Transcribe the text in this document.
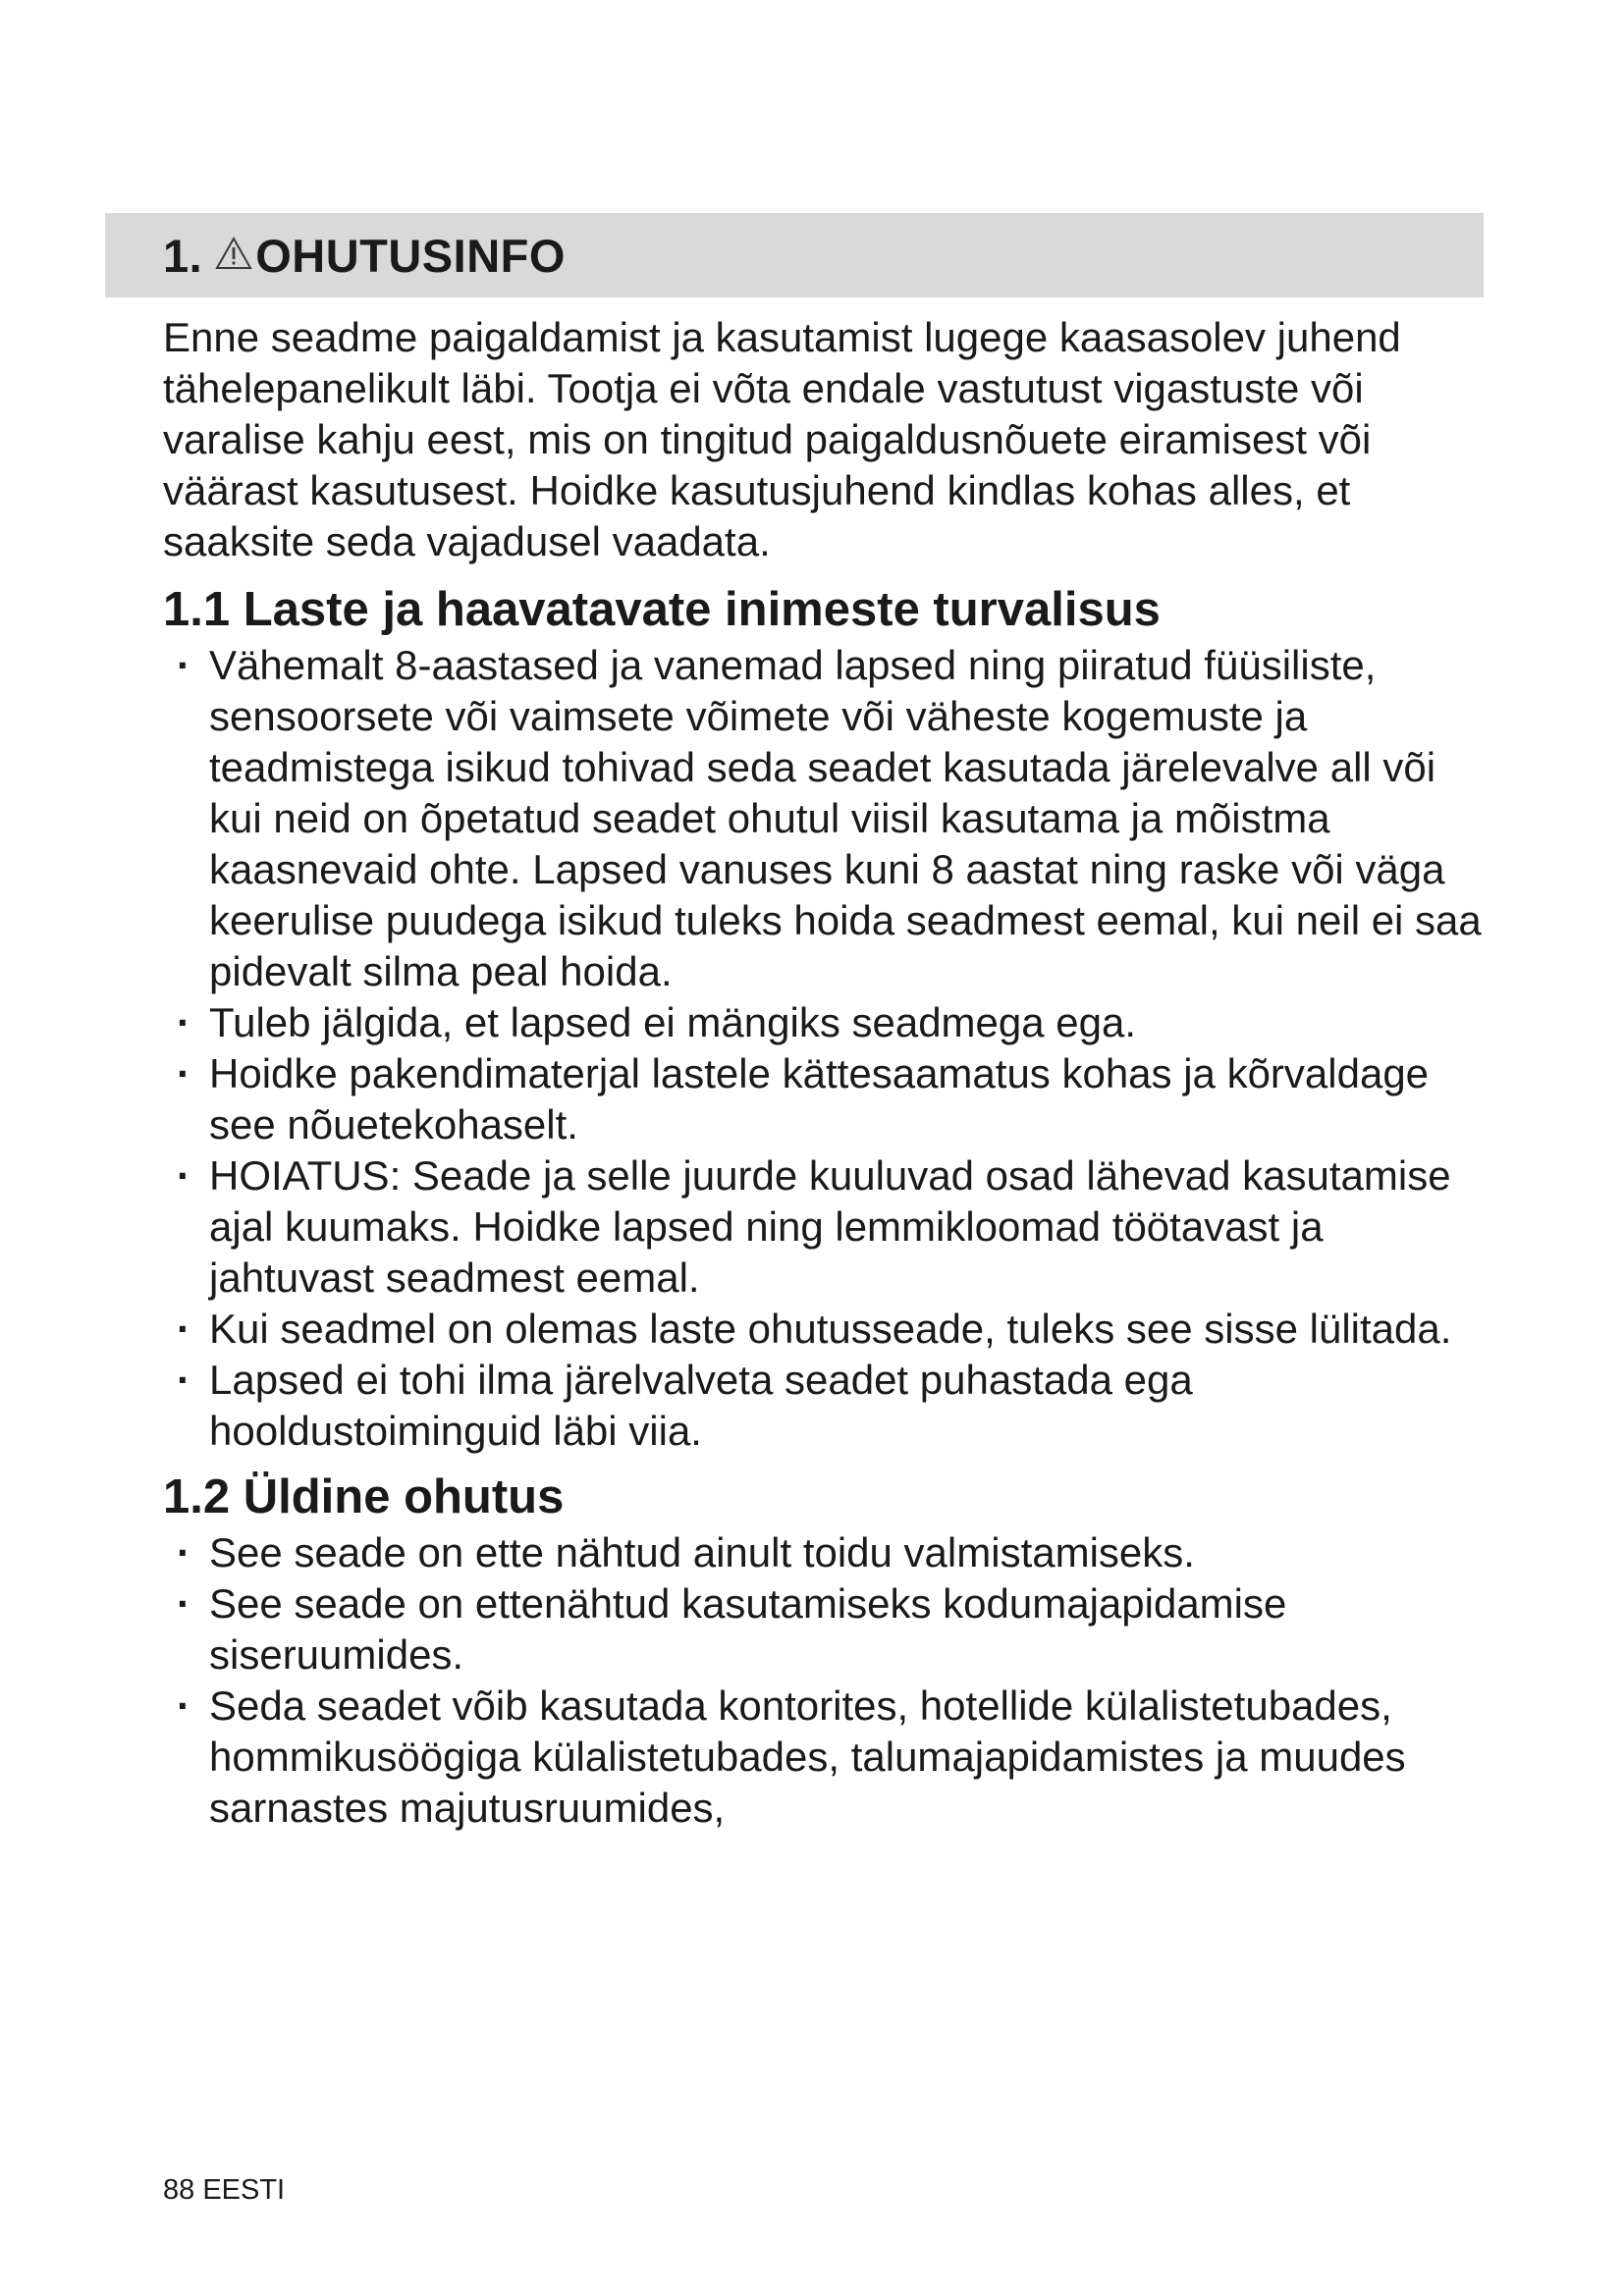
1. OHUTUSINFO

Enne seadme paigaldamist ja kasutamist lugege kaasasolev juhend tähelepanelikult läbi. Tootja ei võta endale vastutust vigastuste või varalise kahju eest, mis on tingitud paigaldusnõuete eiramisest või väärast kasutusest. Hoidke kasutusjuhend kindlas kohas alles, et saaksite seda vajadusel vaadata.

1.1 Laste ja haavatavate inimeste turvalisus
· Vähemalt 8-aastased ja vanemad lapsed ning piiratud füüsiliste, sensoorsete või vaimsete võimete või väheste kogemuste ja teadmistega isikud tohivad seda seadet kasutada järelevalve all või kui neid on õpetatud seadet ohutul viisil kasutama ja mõistma kaasnevaid ohte. Lapsed vanuses kuni 8 aastat ning raske või väga keerulise puudega isikud tuleks hoida seadmest eemal, kui neil ei saa pidevalt silma peal hoida.
· Tuleb jälgida, et lapsed ei mängiks seadmega ega.
· Hoidke pakendimaterjal lastele kättesaamatus kohas ja kõrvaldage see nõuetekohaselt.
· HOIATUS: Seade ja selle juurde kuuluvad osad lähevad kasutamise ajal kuumaks. Hoidke lapsed ning lemmikloomad töötavast ja jahtuvast seadmest eemal.
· Kui seadmel on olemas laste ohutusseade, tuleks see sisse lülitada.
· Lapsed ei tohi ilma järelvalveta seadet puhastada ega hooldustoiminguid läbi viia.
1.2 Üldine ohutus
· See seade on ette nähtud ainult toidu valmistamiseks.
· See seade on ettenähtud kasutamiseks kodumajapidamise siseruumides.
· Seda seadet võib kasutada kontorites, hotellide külalistetubades, hommikusöögiga külalistetubades, talumajapidamistes ja muudes sarnastes majutusruumides,
88 EESTI
